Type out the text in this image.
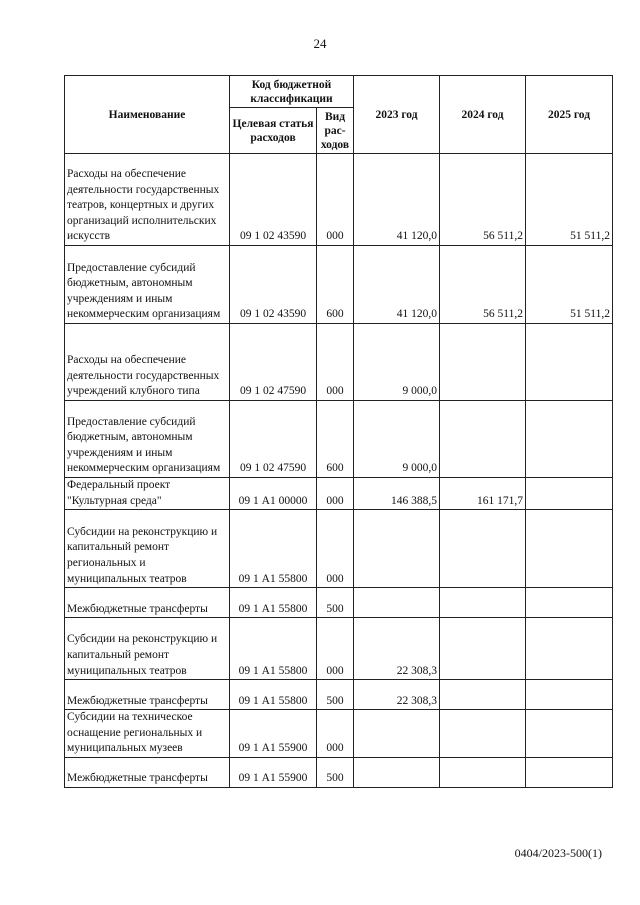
24
Наименование	Код бюджетной классификации		2023 год	2024 год	2025 год
	Целевая статья расходов	Вид рас-ходов			
Расходы на обеспечение деятельности государственных театров, концертных и других организаций исполнительских искусств	09 1 02 43590	000	41 120,0	56 511,2	51 511,2
Предоставление субсидий бюджетным, автономным учреждениям и иным некоммерческим организациям	09 1 02 43590	600	41 120,0	56 511,2	51 511,2
Расходы на обеспечение деятельности государственных учреждений клубного типа	09 1 02 47590	000	9 000,0		
Предоставление субсидий бюджетным, автономным учреждениям и иным некоммерческим организациям	09 1 02 47590	600	9 000,0		
Федеральный проект "Культурная среда"	09 1 А1 00000	000	146 388,5	161 171,7	
Субсидии на реконструкцию и капитальный ремонт региональных и муниципальных театров	09 1 А1 55800	000			
Межбюджетные трансферты	09 1 А1 55800	500			
Субсидии на реконструкцию и капитальный ремонт муниципальных театров	09 1 А1 55800	000	22 308,3		
Межбюджетные трансферты	09 1 А1 55800	500	22 308,3		
Субсидии на техническое оснащение региональных и муниципальных музеев	09 1 А1 55900	000			
Межбюджетные трансферты	09 1 А1 55900	500			
0404/2023-500(1)
